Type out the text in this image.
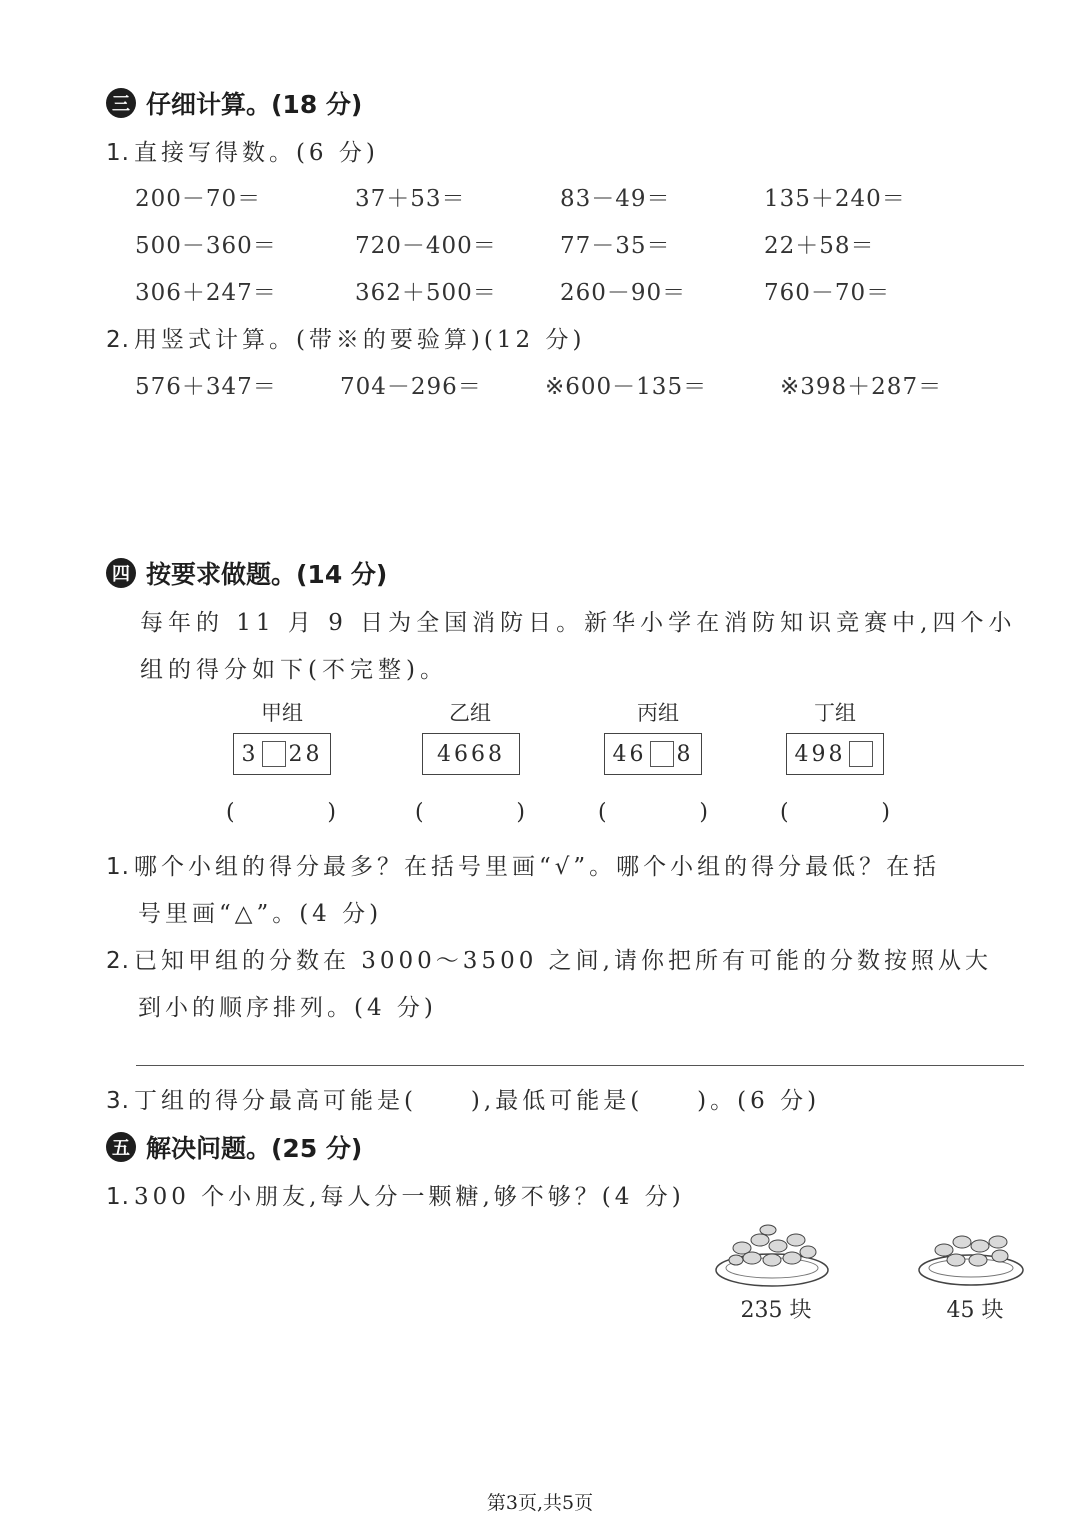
三 仔细计算。(18 分)
1. 直接写得数。(6 分)
200－70＝	37＋53＝	83－49＝	135＋240＝
500－360＝	720－400＝	77－35＝	22＋58＝
306＋247＝	362＋500＝	260－90＝	760－70＝
2. 用竖式计算。(带※的要验算)(12 分)
576＋347＝	704－296＝	※600－135＝	※398＋287＝
四 按要求做题。(14 分)
每年的 11 月 9 日为全国消防日。新华小学在消防知识竞赛中,四个小
组的得分如下(不完整)。
甲组	乙组	丙组	丁组
3 28	4668	46 8	498
(	)	(	)	(	)	(	)
1. 哪个小组的得分最多？在括号里画“√”。哪个小组的得分最低？在括
号里画“△”。(4 分)
2. 已知甲组的分数在 3000～3500 之间,请你把所有可能的分数按照从大
到小的顺序排列。(4 分)
3. 丁组的得分最高可能是(　　),最低可能是(　　)。(6 分)
五 解决问题。(25 分)
1. 300 个小朋友,每人分一颗糖,够不够？(4 分)
235 块	45 块
第3页,共5页
